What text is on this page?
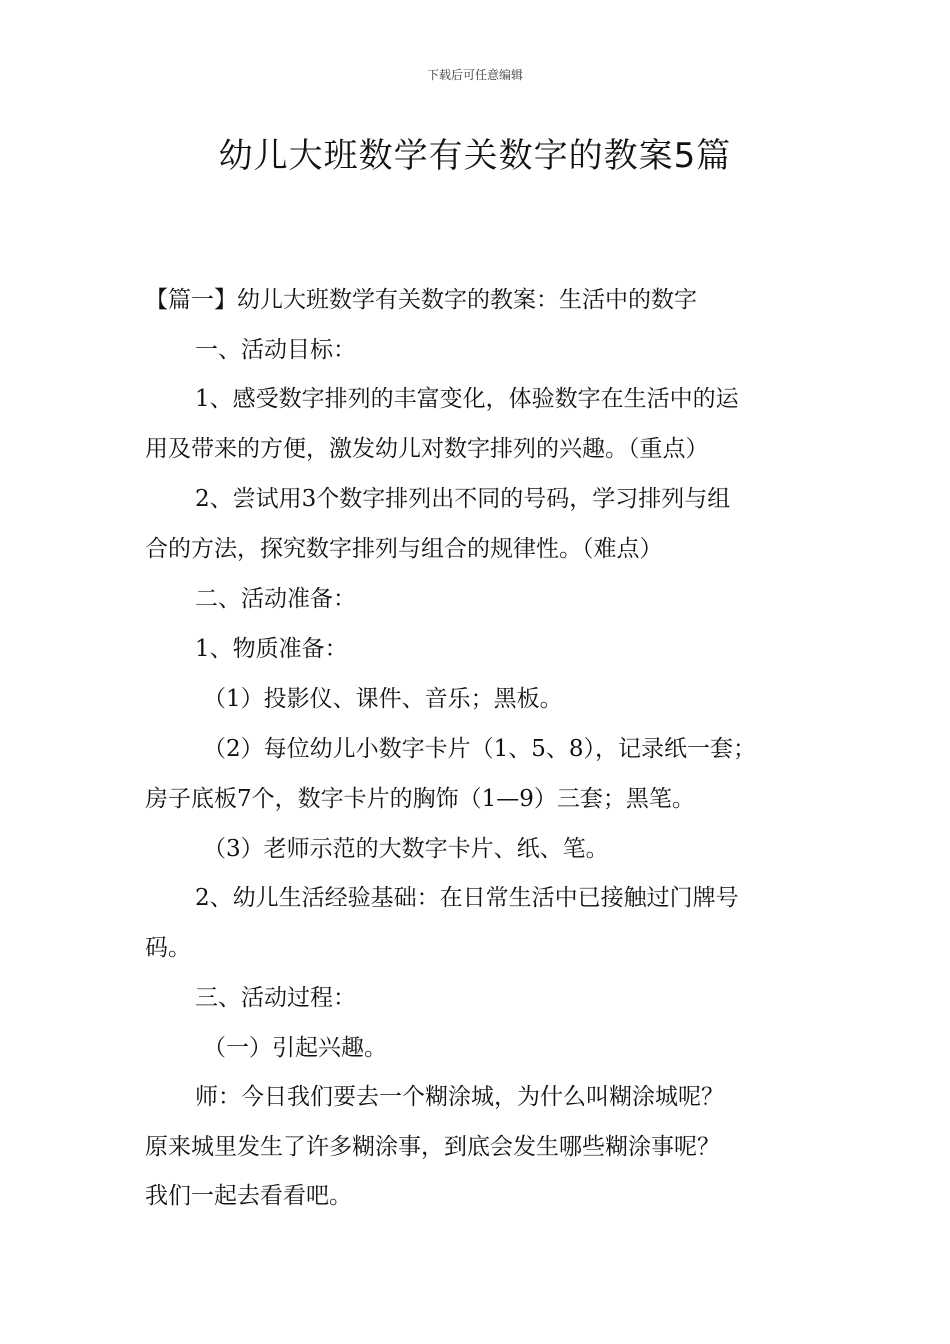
下载后可任意编辑
幼儿大班数学有关数字的教案5篇
【篇一】幼儿大班数学有关数字的教案：生活中的数字
一、活动目标：
1、感受数字排列的丰富变化，体验数字在生活中的运
用及带来的方便，激发幼儿对数字排列的兴趣。（重点）
2、尝试用3个数字排列出不同的号码，学习排列与组
合的方法，探究数字排列与组合的规律性。（难点）
二、活动准备：
1、物质准备：
（1）投影仪、课件、音乐；黑板。
（2）每位幼儿小数字卡片（1、5、8），记录纸一套；
房子底板7个，数字卡片的胸饰（1—9）三套；黑笔。
（3）老师示范的大数字卡片、纸、笔。
2、幼儿生活经验基础：在日常生活中已接触过门牌号
码。
三、活动过程：
（一）引起兴趣。
师：今日我们要去一个糊涂城，为什么叫糊涂城呢？
原来城里发生了许多糊涂事，到底会发生哪些糊涂事呢？
我们一起去看看吧。
